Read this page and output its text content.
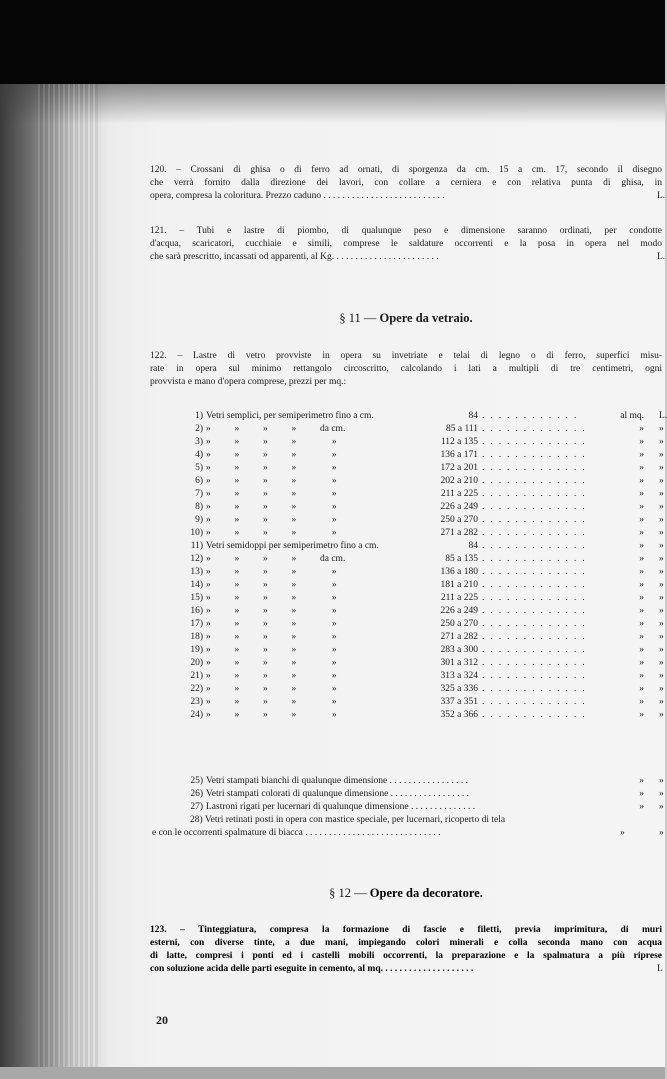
120. – Crossani di ghisa o di ferro ad ornati, di sporgenza da cm. 15 a cm. 17, secondo il disegno
che verrà fornito dalla direzione dei lavori, con collare a cerniera e con relativa punta di ghisa, in
opera, compresa la coloritura. Prezzo caduno . . . . . . . . . . . . . . . . . . . . . . . . . .	L.
121. – Tubi e lastre di piombo, di qualunque peso e dimensione saranno ordinati, per condotte
d'acqua, scaricatori, cucchiaie e simili, comprese le saldature occorrenti e la posa in opera nel modo
che sarà prescritto, incassati od apparenti, al Kg. . . . . . . . . . . . . . . . . . . . . . .	L.
§ 11 — Opere da vetraio.
122. – Lastre di vetro provviste in opera su invetriate e telai di legno o di ferro, superfici misu-
rate in opera sul minimo rettangolo circoscritto, calcolando i lati a multipli di tre centimetri, ogni
provvista e mano d'opera comprese, prezzi per mq.:
1) Vetri semplici, per semiperimetro fino a cm.	84 . . . . . . . . . . . .	al mq. L.
2) »          »          »          »          da cm.	85 a 111 . . . . . . . . . . . . .	» »
3) »          »          »          »               »	112 a 135 . . . . . . . . . . . . .	» »
4) »          »          »          »               »	136 a 171 . . . . . . . . . . . . .	» »
5) »          »          »          »               »	172 a 201 . . . . . . . . . . . . .	» »
6) »          »          »          »               »	202 a 210 . . . . . . . . . . . . .	» »
7) »          »          »          »               »	211 a 225 . . . . . . . . . . . . .	» »
8) »          »          »          »               »	226 a 249 . . . . . . . . . . . . .	» »
9) »          »          »          »               »	250 a 270 . . . . . . . . . . . . .	» »
10) »          »          »          »               »	271 a 282 . . . . . . . . . . . . .	» »
11) Vetri semidoppi per semiperimetro fino a cm.	84 . . . . . . . . . . . . .	» »
12) »          »          »          »          da cm.	85 a 135 . . . . . . . . . . . . .	» »
13) »          »          »          »               »	136 a 180 . . . . . . . . . . . . .	» »
14) »          »          »          »               »	181 a 210 . . . . . . . . . . . . .	» »
15) »          »          »          »               »	211 a 225 . . . . . . . . . . . . .	» »
16) »          »          »          »               »	226 a 249 . . . . . . . . . . . . .	» »
17) »          »          »          »               »	250 a 270 . . . . . . . . . . . . .	» »
18) »          »          »          »               »	271 a 282 . . . . . . . . . . . . .	» »
19) »          »          »          »               »	283 a 300 . . . . . . . . . . . . .	» »
20) »          »          »          »               »	301 a 312 . . . . . . . . . . . . .	» »
21) »          »          »          »               »	313 a 324 . . . . . . . . . . . . .	» »
22) »          »          »          »               »	325 a 336 . . . . . . . . . . . . .	» »
23) »          »          »          »               »	337 a 351 . . . . . . . . . . . . .	» »
24) »          »          »          »               »	352 a 366 . . . . . . . . . . . . .	» »
25) Vetri stampati bianchi di qualunque dimensione . . . . . . . . . . . . . . . . .	» »
26) Vetri stampati colorati di qualunque dimensione . . . . . . . . . . . . . . . . .	» »
27) Lastroni rigati per lucernari di qualunque dimensione . . . . . . . . . . . . . .	» »
28) Vetri retinati posti in opera con mastice speciale, per lucernari, ricoperto di tela
e con le occorrenti spalmature di biacca . . . . . . . . . . . . . . . . . . . . . . . . . . . . .	»	»
§ 12 — Opere da decoratore.
123. – Tinteggiatura, compresa la formazione di fascie e filetti, previa imprimitura, di muri
esterni, con diverse tinte, a due mani, impiegando colori minerali e colla seconda mano con acqua
di latte, compresi i ponti ed i castelli mobili occorrenti, la preparazione e la spalmatura a più riprese
con soluzione acida delle parti eseguite in cemento, al mq. . . . . . . . . . . . . . . . . . . .	L
20
